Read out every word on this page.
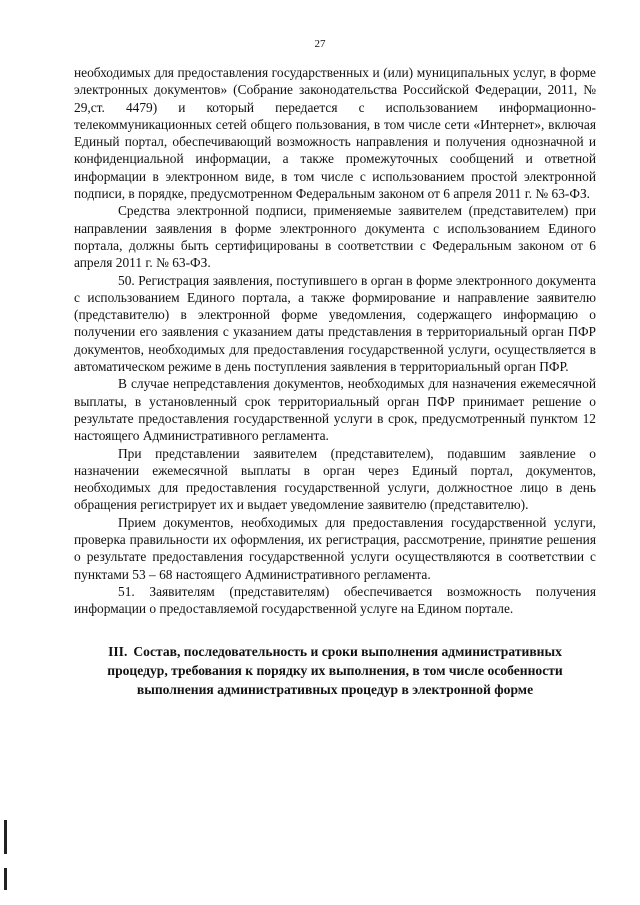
27

необходимых для предоставления государственных и (или) муниципальных услуг, в форме электронных документов» (Собрание законодательства Российской Федерации, 2011, № 29,ст. 4479) и который передается с использованием информационно-телекоммуникационных сетей общего пользования, в том числе сети «Интернет», включая Единый портал, обеспечивающий возможность направления и получения однозначной и конфиденциальной информации, а также промежуточных сообщений и ответной информации в электронном виде, в том числе с использованием простой электронной подписи, в порядке, предусмотренном Федеральным законом от 6 апреля 2011 г. № 63-ФЗ.

Средства электронной подписи, применяемые заявителем (представителем) при направлении заявления в форме электронного документа с использованием Единого портала, должны быть сертифицированы в соответствии с Федеральным законом от 6 апреля 2011 г. № 63-ФЗ.

50. Регистрация заявления, поступившего в орган в форме электронного документа с использованием Единого портала, а также формирование и направление заявителю (представителю) в электронной форме уведомления, содержащего информацию о получении его заявления с указанием даты представления в территориальный орган ПФР документов, необходимых для предоставления государственной услуги, осуществляется в автоматическом режиме в день поступления заявления в территориальный орган ПФР.

В случае непредставления документов, необходимых для назначения ежемесячной выплаты, в установленный срок территориальный орган ПФР принимает решение о результате предоставления государственной услуги в срок, предусмотренный пунктом 12 настоящего Административного регламента.

При представлении заявителем (представителем), подавшим заявление о назначении ежемесячной выплаты в орган через Единый портал, документов, необходимых для предоставления государственной услуги, должностное лицо в день обращения регистрирует их и выдает уведомление заявителю (представителю).

Прием документов, необходимых для предоставления государственной услуги, проверка правильности их оформления, их регистрация, рассмотрение, принятие решения о результате предоставления государственной услуги осуществляются в соответствии с пунктами 53 – 68 настоящего Административного регламента.

51. Заявителям (представителям) обеспечивается возможность получения информации о предоставляемой государственной услуге на Едином портале.

III. Состав, последовательность и сроки выполнения административных процедур, требования к порядку их выполнения, в том числе особенности выполнения административных процедур в электронной форме
